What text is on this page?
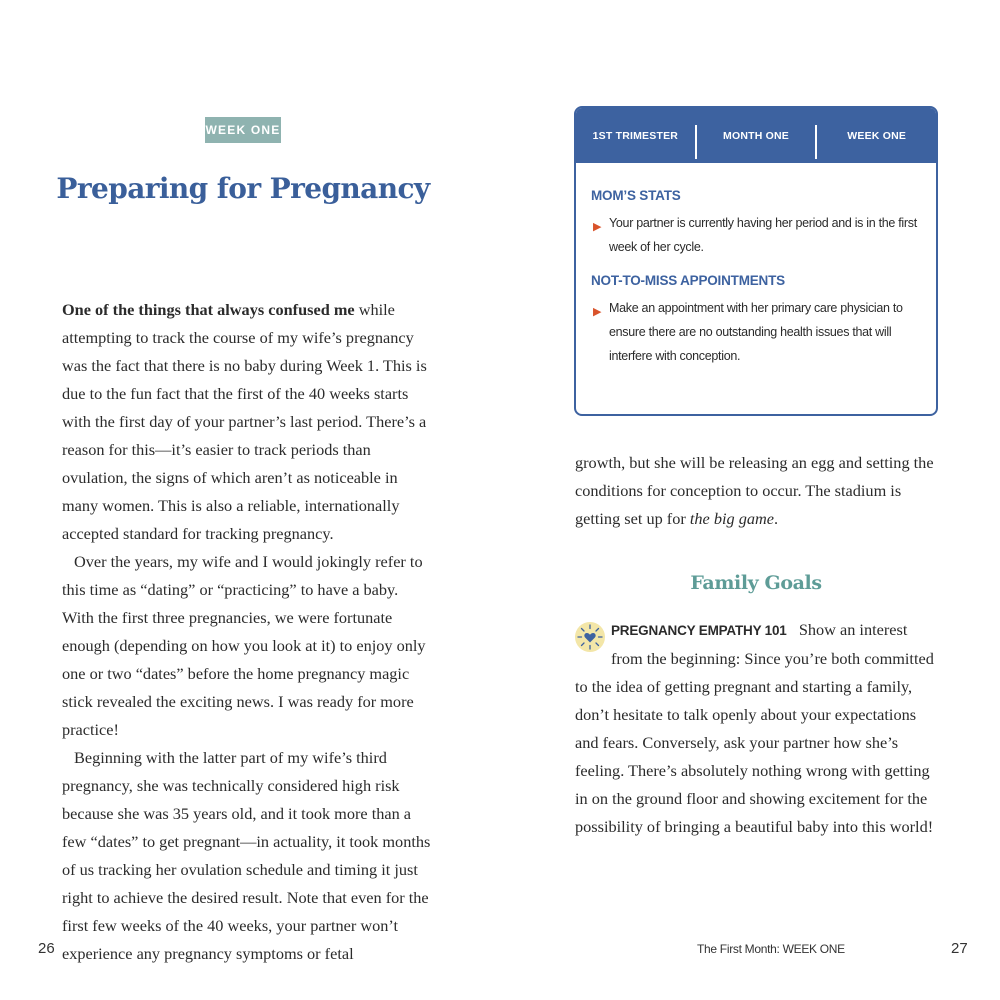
WEEK ONE
Preparing for Pregnancy

One of the things that always confused me while attempting to track the course of my wife’s pregnancy was the fact that there is no baby during Week 1. This is due to the fun fact that the first of the 40 weeks starts with the first day of your partner’s last period. There’s a reason for this—it’s easier to track periods than ovulation, the signs of which aren’t as noticeable in many women. This is also a reliable, internationally accepted standard for tracking pregnancy.

Over the years, my wife and I would jokingly refer to this time as “dating” or “practicing” to have a baby. With the first three pregnancies, we were fortunate enough (depending on how you look at it) to enjoy only one or two “dates” before the home pregnancy magic stick revealed the exciting news. I was ready for more practice!

Beginning with the latter part of my wife’s third pregnancy, she was technically considered high risk because she was 35 years old, and it took more than a few “dates” to get pregnant—in actuality, it took months of us tracking her ovulation schedule and timing it just right to achieve the desired result. Note that even for the first few weeks of the 40 weeks, your partner won’t experience any pregnancy symptoms or fetal

26
1ST TRIMESTER	MONTH ONE	WEEK ONE
MOM’S STATS
▶ Your partner is currently having her period and is in the first week of her cycle.
NOT-TO-MISS APPOINTMENTS
▶ Make an appointment with her primary care physician to ensure there are no outstanding health issues that will interfere with conception.

growth, but she will be releasing an egg and setting the conditions for conception to occur. The stadium is getting set up for the big game.

Family Goals
PREGNANCY EMPATHY 101 Show an interest from the beginning: Since you’re both committed to the idea of getting pregnant and starting a family, don’t hesitate to talk openly about your expectations and fears. Conversely, ask your partner how she’s feeling. There’s absolutely nothing wrong with getting in on the ground floor and showing excitement for the possibility of bringing a beautiful baby into this world!
The First Month: WEEK ONE	27
